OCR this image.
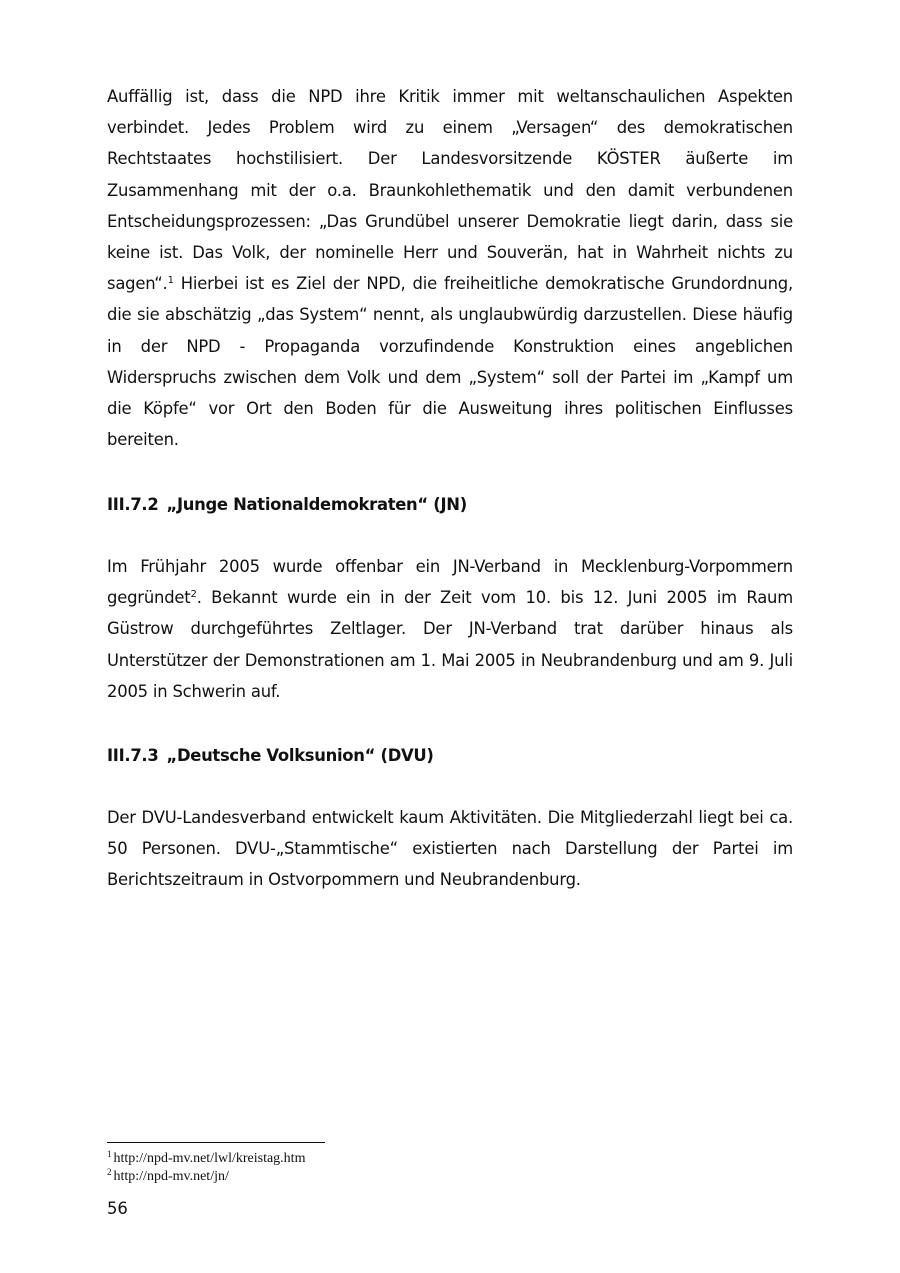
Auffällig ist, dass die NPD ihre Kritik immer mit weltanschaulichen Aspekten verbindet. Jedes Problem wird zu einem „Versagen“ des demokratischen Rechtstaates hochstilisiert. Der Landesvorsitzende KÖSTER äußerte im Zusammenhang mit der o.a. Braunkohlethematik und den damit verbundenen Entscheidungsprozessen: „Das Grundübel unserer Demokratie liegt darin, dass sie keine ist. Das Volk, der nominelle Herr und Souverän, hat in Wahrheit nichts zu sagen“.$^1$ Hierbei ist es Ziel der NPD, die freiheitliche demokratische Grundordnung, die sie abschätzig „das System“ nennt, als unglaubwürdig darzustellen. Diese häufig in der NPD - Propaganda vorzufindende Konstruktion eines angeblichen Widerspruchs zwischen dem Volk und dem „System“ soll der Partei im „Kampf um die Köpfe“ vor Ort den Boden für die Ausweitung ihres politischen Einflusses bereiten.

III.7.2 „Junge Nationaldemokraten“ (JN)

Im Frühjahr 2005 wurde offenbar ein JN-Verband in Mecklenburg-Vorpommern gegründet$^2$. Bekannt wurde ein in der Zeit vom 10. bis 12. Juni 2005 im Raum Güstrow durchgeführtes Zeltlager. Der JN-Verband trat darüber hinaus als Unterstützer der Demonstrationen am 1. Mai 2005 in Neubrandenburg und am 9. Juli 2005 in Schwerin auf.

III.7.3 „Deutsche Volksunion“ (DVU)

Der DVU-Landesverband entwickelt kaum Aktivitäten. Die Mitgliederzahl liegt bei ca. 50 Personen. DVU-„Stammtische“ existierten nach Darstellung der Partei im Berichtszeitraum in Ostvorpommern und Neubrandenburg.

$^1$ http://npd-mv.net/lwl/kreistag.htm
$^2$ http://npd-mv.net/jn/
56
